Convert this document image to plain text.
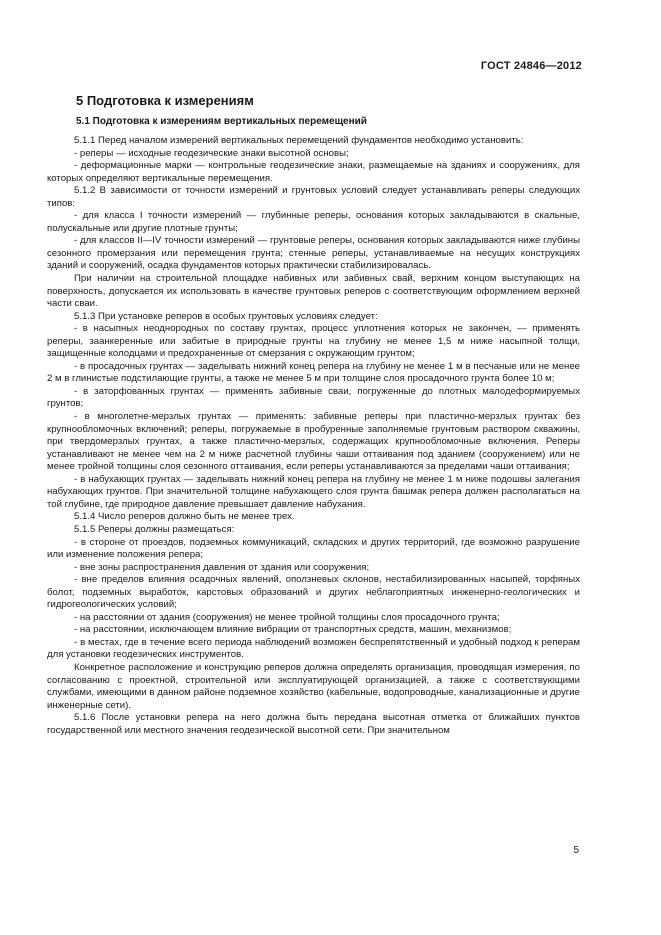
ГОСТ 24846—2012
5 Подготовка к измерениям
5.1 Подготовка к измерениям вертикальных перемещений

5.1.1 Перед началом измерений вертикальных перемещений фундаментов необходимо установить:

- реперы — исходные геодезические знаки высотной основы;

- деформационные марки — контрольные геодезические знаки, размещаемые на зданиях и сооружениях, для которых определяют вертикальные перемещения.

5.1.2 В зависимости от точности измерений и грунтовых условий следует устанавливать реперы следующих типов:

- для класса I точности измерений — глубинные реперы, основания которых закладываются в скальные, полускальные или другие плотные грунты;

- для классов II—IV точности измерений — грунтовые реперы, основания которых закладываются ниже глубины сезонного промерзания или перемещения грунта; стенные реперы, устанавливаемые на несущих конструкциях зданий и сооружений, осадка фундаментов которых практически стабилизировалась.

При наличии на строительной площадке набивных или забивных свай, верхним концом выступающих на поверхность, допускается их использовать в качестве грунтовых реперов с соответствующим оформлением верхней части сваи.

5.1.3 При установке реперов в особых грунтовых условиях следует:

- в насыпных неоднородных по составу грунтах, процесс уплотнения которых не закончен, — применять реперы, заанкеренные или забитые в природные грунты на глубину не менее 1,5 м ниже насыпной толщи, защищенные колодцами и предохраненные от смерзания с окружающим грунтом;

- в просадочных грунтах — заделывать нижний конец репера на глубину не менее 1 м в песчаные или не менее 2 м в глинистые подстилающие грунты, а также не менее 5 м при толщине слоя просадочного грунта более 10 м;

- в заторфованных грунтах — применять забивные сваи, погруженные до плотных малодеформируемых грунтов;

- в многолетне-мерзлых грунтах — применять: забивные реперы при пластично-мерзлых грунтах без крупнообломочных включений; реперы, погружаемые в пробуренные заполняемые грунтовым раствором скважины, при твердомерзлых грунтах, а также пластично-мерзлых, содержащих крупнообломочные включения. Реперы устанавливают не менее чем на 2 м ниже расчетной глубины чаши оттаивания под зданием (сооружением) или не менее тройной толщины слоя сезонного оттаивания, если реперы устанавливаются за пределами чаши оттаивания;

- в набухающих грунтах — заделывать нижний конец репера на глубину не менее 1 м ниже подошвы залегания набухающих грунтов. При значительной толщине набухающего слоя грунта башмак репера должен располагаться на той глубине, где природное давление превышает давление набухания.

5.1.4 Число реперов должно быть не менее трех.

5.1.5 Реперы должны размещаться:

- в стороне от проездов, подземных коммуникаций, складских и других территорий, где возможно разрушение или изменение положения репера;

- вне зоны распространения давления от здания или сооружения;

- вне пределов влияния осадочных явлений, оползневых склонов, нестабилизированных насыпей, торфяных болот, подземных выработок, карстовых образований и других неблагоприятных инженерно-геологических и гидрогеологических условий;

- на расстоянии от здания (сооружения) не менее тройной толщины слоя просадочного грунта;

- на расстоянии, исключающем влияние вибрации от транспортных средств, машин, механизмов;

- в местах, где в течение всего периода наблюдений возможен беспрепятственный и удобный подход к реперам для установки геодезических инструментов.

Конкретное расположение и конструкцию реперов должна определять организация, проводящая измерения, по согласованию с проектной, строительной или эксплуатирующей организацией, а также с соответствующими службами, имеющими в данном районе подземное хозяйство (кабельные, водопроводные, канализационные и другие инженерные сети).

5.1.6 После установки репера на него должна быть передана высотная отметка от ближайших пунктов государственной или местного значения геодезической высотной сети. При значительном

5
